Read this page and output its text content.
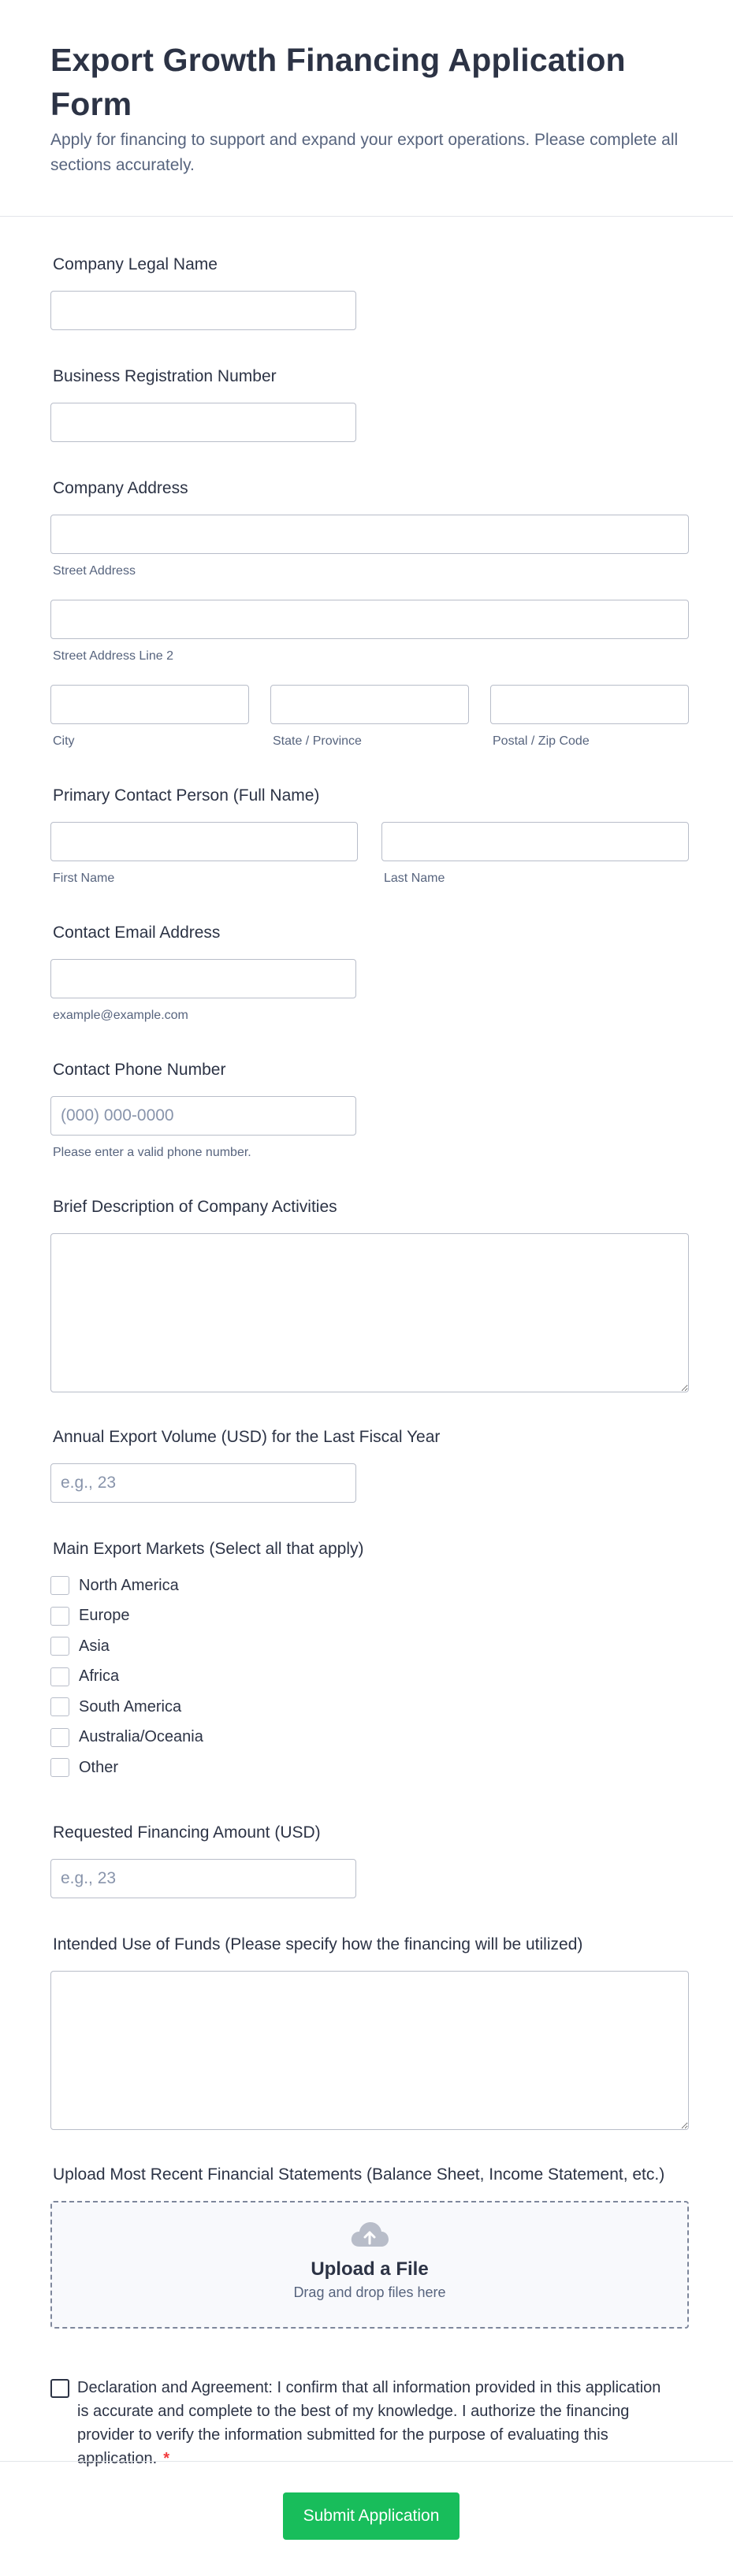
Export Growth Financing Application Form

Apply for financing to support and expand your export operations. Please complete all sections accurately.

Company Legal Name
Business Registration Number
Company Address
Street Address
Street Address Line 2
City	State / Province	Postal / Zip Code
Primary Contact Person (Full Name)
First Name	Last Name
Contact Email Address
example@example.com
Contact Phone Number
(000) 000-0000
Please enter a valid phone number.
Brief Description of Company Activities
Annual Export Volume (USD) for the Last Fiscal Year
e.g., 23
Main Export Markets (Select all that apply)
North America
Europe
Asia
Africa
South America
Australia/Oceania
Other
Requested Financing Amount (USD)
e.g., 23
Intended Use of Funds (Please specify how the financing will be utilized)
Upload Most Recent Financial Statements (Balance Sheet, Income Statement, etc.)
Upload a File
Drag and drop files here
Declaration and Agreement: I confirm that all information provided in this application is accurate and complete to the best of my knowledge. I authorize the financing provider to verify the information submitted for the purpose of evaluating this application. *
Submit Application
